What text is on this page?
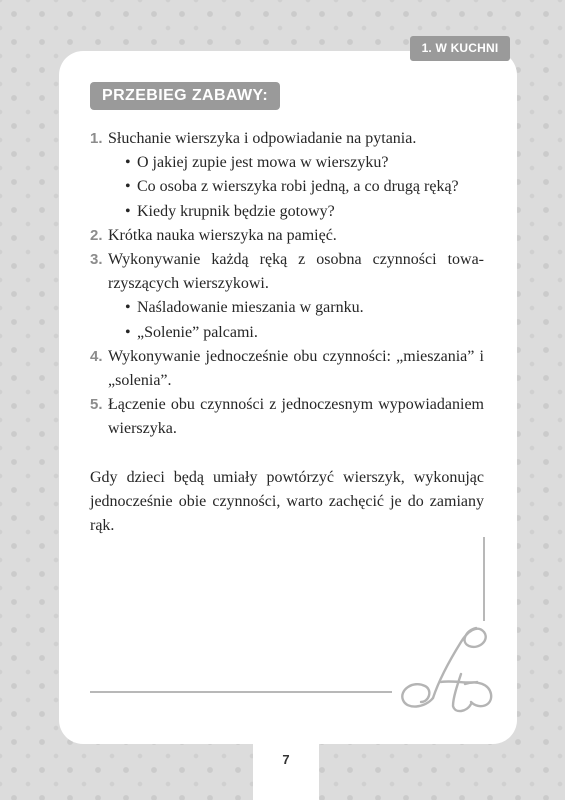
1. W KUCHNI
PRZEBIEG ZABAWY:
1. Słuchanie wierszyka i odpowiadanie na pytania.
• O jakiej zupie jest mowa w wierszyku?
• Co osoba z wierszyka robi jedną, a co drugą ręką?
• Kiedy krupnik będzie gotowy?
2. Krótka nauka wierszyka na pamięć.
3. Wykonywanie każdą ręką z osobna czynności towarzyszących wierszykowi.
• Naśladowanie mieszania w garnku.
• „Solenie” palcami.
4. Wykonywanie jednocześnie obu czynności: „mieszania” i „solenia”.
5. Łączenie obu czynności z jednoczesnym wypowiadaniem wierszyka.

Gdy dzieci będą umiały powtórzyć wierszyk, wykonując jednocześnie obie czynności, warto zachęcić je do zamiany rąk.

7
